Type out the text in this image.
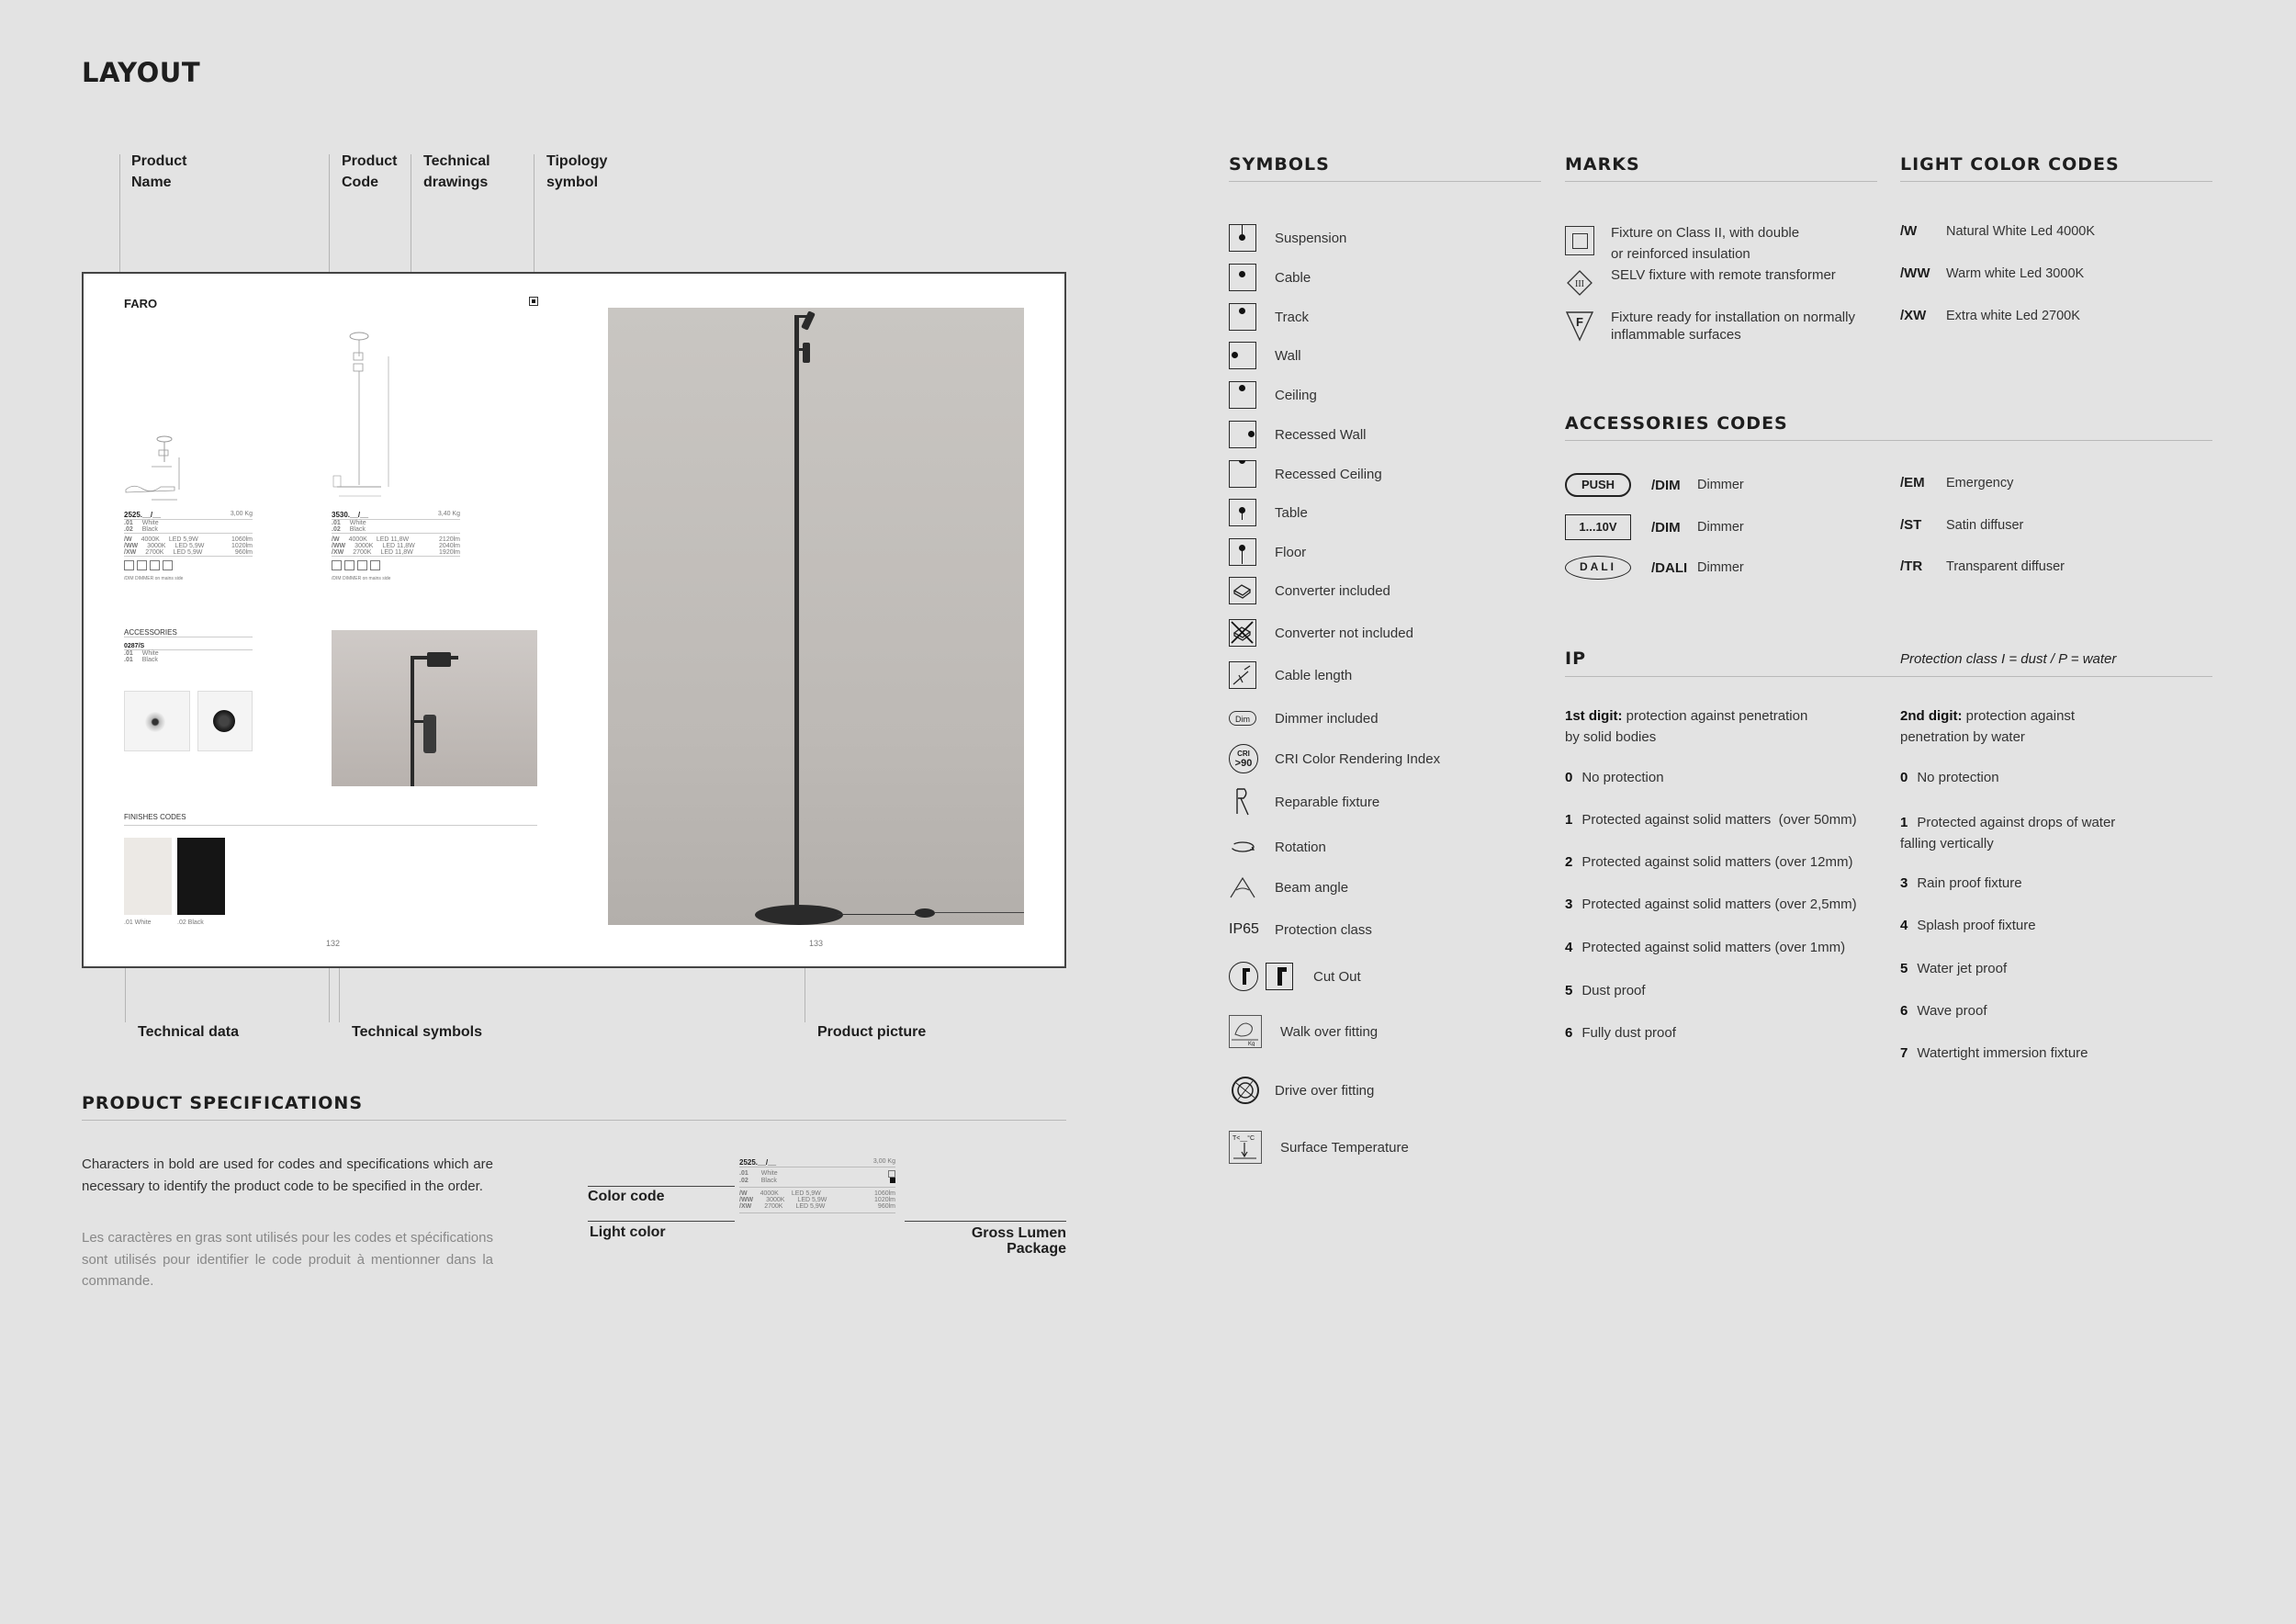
LAYOUT
Product
Name
Product
Code
Technical
drawings
Tipology
symbol
FARO
2525.__/__	3,00 Kg
.01 White
.02 Black
/W 4000K LED 5,9W	1060lm
/WW 3000K LED 5,9W	1020lm
/XW 2700K LED 5,9W	960lm
/DIM DIMMER on mains side
3530.__/__	3,40 Kg
.01 White
.02 Black
/W 4000K LED 11,8W	2120lm
/WW 3000K LED 11,8W	2040lm
/XW 2700K LED 11,8W	1920lm
/DIM DIMMER on mains side
ACCESSORIES
0287/S
.01 White
.01 Black
FINISHES CODES
.01 White	.02 Black
132	133
Technical data	Technical symbols	Product picture
PRODUCT SPECIFICATIONS
Characters in bold are used for codes and specifications which are necessary to identify the product code to be specified in the order.
Les caractères en gras sont utilisés pour les codes et spécifications sont utilisés pour identifier le code produit à mentionner dans la commande.
2525.__/__	3,00 Kg
.01 White
.02 Black
/W 4000K LED 5,9W	1060lm
/WW 3000K LED 5,9W	1020lm
/XW 2700K LED 5,9W	960lm
Color code
Light color	Gross Lumen
Package
SYMBOLS
Suspension
Cable
Track
Wall
Ceiling
Recessed Wall
Recessed Ceiling
Table
Floor
Converter included
Converter not included
Cable length
Dim	Dimmer included
CRI
>90 CRI Color Rendering Index
Reparable fixture
Rotation
Beam angle
IP65	Protection class
Cut Out
Kg
Walk over fitting
Drive over fitting
T<__°C
Surface Temperature
MARKS
Fixture on Class II, with double
or reinforced insulation
III
SELV fixture with remote transformer
F Fixture ready for installation on normally
inflammable surfaces
LIGHT COLOR CODES
/W Natural White Led 4000K
/WW Warm white Led 3000K
/XW Extra white Led 2700K
ACCESSORIES CODES
PUSH	/DIM	Dimmer
1...10V	/DIM	Dimmer
DALI	/DALI Dimmer
/EM Emergency
/ST Satin diffuser
/TR Transparent diffuser
IP	Protection class I = dust / P = water
1st digit: protection against penetration
by solid bodies
2nd digit: protection against
penetration by water
0 No protection
1 Protected against solid matters  (over 50mm)
2 Protected against solid matters (over 12mm)
3 Protected against solid matters (over 2,5mm)
4 Protected against solid matters (over 1mm)
5 Dust proof
6 Fully dust proof
0 No protection
1 Protected against drops of water
falling vertically
3 Rain proof fixture
4 Splash proof fixture
5 Water jet proof
6 Wave proof
7 Watertight immersion fixture
